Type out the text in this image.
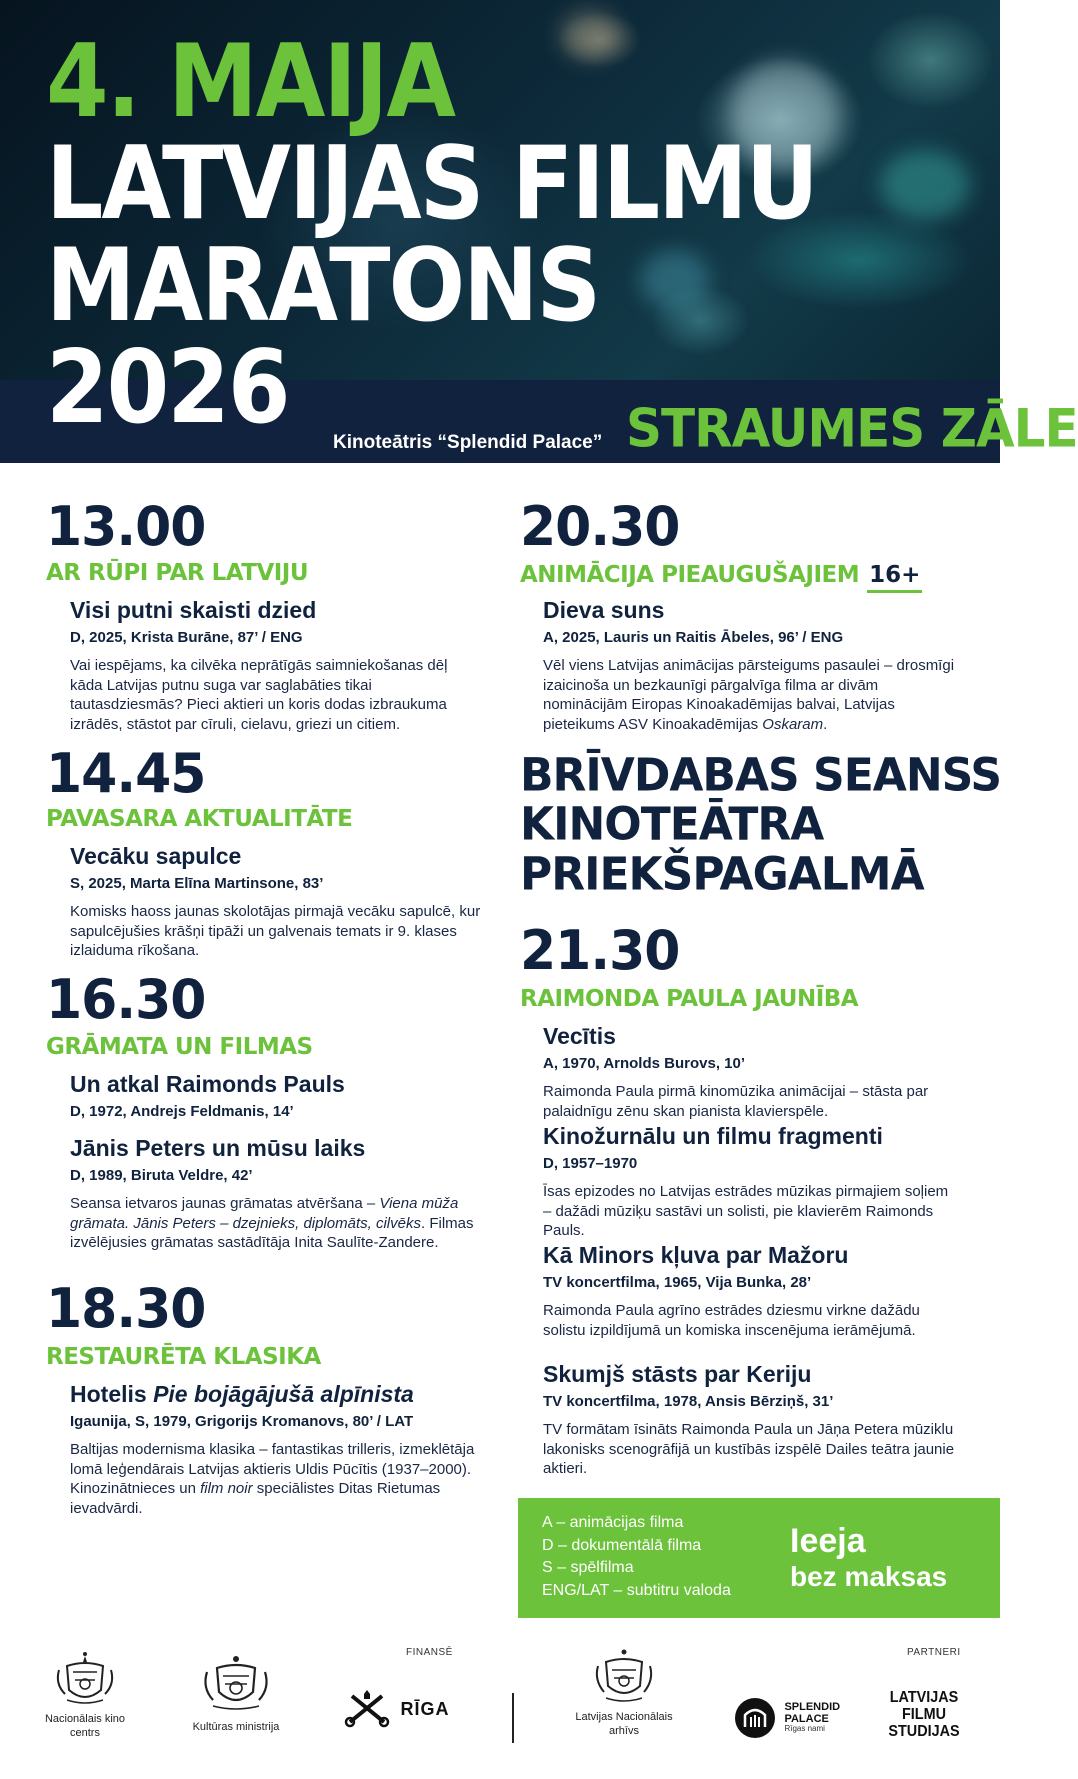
4. MAIJA
LATVIJAS FILMU
MARATONS
2026 Kinoteātris “Splendid Palace” STRAUMES ZĀLE
13.00
AR RŪPI PAR LATVIJU
Visi putni skaisti dzied
D, 2025, Krista Burāne, 87’ / ENG
Vai iespējams, ka cilvēka neprātīgās saimniekošanas dēļ kāda Latvijas putnu suga var saglabāties tikai tautasdziesmās? Pieci aktieri un koris dodas izbraukuma izrādēs, stāstot par cīruli, cielavu, griezi un citiem.
14.45
PAVASARA AKTUALITĀTE
Vecāku sapulce
S, 2025, Marta Elīna Martinsone, 83’
Komisks haoss jaunas skolotājas pirmajā vecāku sapulcē, kur sapulcējušies krāšņi tipāži un galvenais temats ir 9. klases izlaiduma rīkošana.
16.30
GRĀMATA UN FILMAS
Un atkal Raimonds Pauls
D, 1972, Andrejs Feldmanis, 14’
Jānis Peters un mūsu laiks
D, 1989, Biruta Veldre, 42’
Seansa ietvaros jaunas grāmatas atvēršana – Viena mūža grāmata. Jānis Peters – dzejnieks, diplomāts, cilvēks. Filmas izvēlējusies grāmatas sastādītāja Inita Saulīte-Zandere.
18.30
RESTAURĒTA KLASIKA
Hotelis Pie bojāgājušā alpīnista
Igaunija, S, 1979, Grigorijs Kromanovs, 80’ / LAT
Baltijas modernisma klasika – fantastikas trilleris, izmeklētāja lomā leģendārais Latvijas aktieris Uldis Pūcītis (1937–2000). Kinozinātnieces un film noir speciālistes Ditas Rietumas ievadvārdi.
20.30
ANIMĀCIJA PIEAUGUŠAJIEM 16+
Dieva suns
A, 2025, Lauris un Raitis Ābeles, 96’ / ENG
Vēl viens Latvijas animācijas pārsteigums pasaulei – drosmīgi izaicinoša un bezkaunīgi pārgalvīga filma ar divām nominācijām Eiropas Kinoakadēmijas balvai, Latvijas pieteikums ASV Kinoakadēmijas Oskaram.
BRĪVDABAS SEANSS
KINOTEĀTRA
PRIEKŠPAGALMĀ
21.30
RAIMONDA PAULA JAUNĪBA
Vecītis
A, 1970, Arnolds Burovs, 10’
Raimonda Paula pirmā kinomūzika animācijai – stāsta par palaidnīgu zēnu skan pianista klavierspēle.
Kinožurnālu un filmu fragmenti
D, 1957–1970
Īsas epizodes no Latvijas estrādes mūzikas pirmajiem soļiem – dažādi mūziķu sastāvi un solisti, pie klavierēm Raimonds Pauls.
Kā Minors kļuva par Mažoru
TV koncertfilma, 1965, Vija Bunka, 28’
Raimonda Paula agrīno estrādes dziesmu virkne dažādu solistu izpildījumā un komiska inscenējuma ierāmējumā.
Skumjš stāsts par Keriju
TV koncertfilma, 1978, Ansis Bērziņš, 31’
TV formātam īsināts Raimonda Paula un Jāņa Petera mūziklu lakonisks scenogrāfijā un kustībās izspēlē Dailes teātra jaunie aktieri.
A – animācijas filma
D – dokumentālā filma
S – spēlfilma
ENG/LAT – subtitru valoda
Ieeja
bez maksas
FINANSĒ	PARTNERI
Nacionālais kino centrs	Kultūras ministrija
RĪGA	Latvijas Nacionālais arhīvs

SPLENDID
PALACE
Rīgas nami
LATVIJAS
FILMU
STUDIJAS
